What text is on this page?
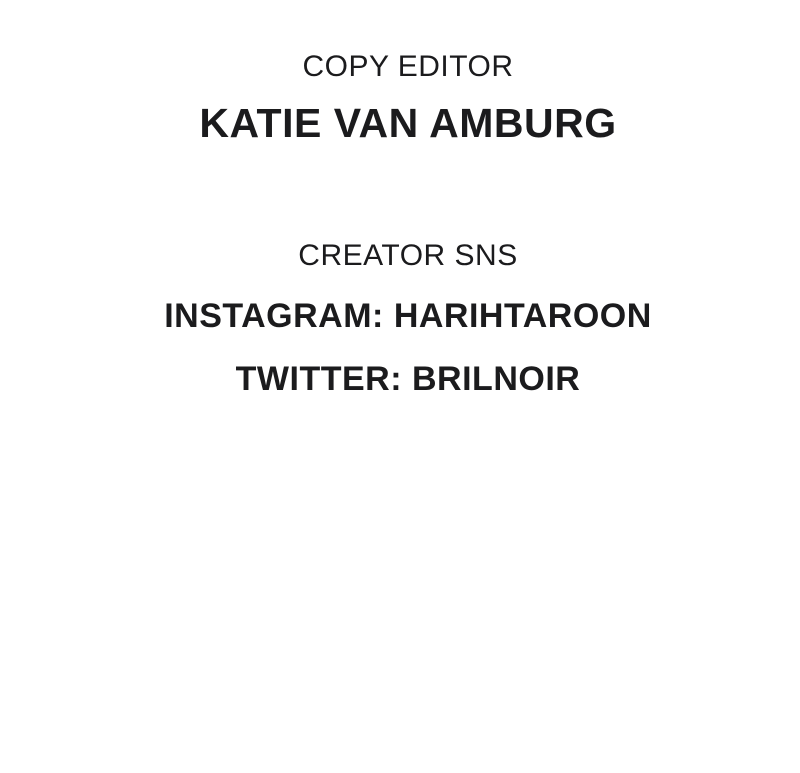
COPY EDITOR
KATIE VAN AMBURG
CREATOR SNS
INSTAGRAM: HARIHTAROON
TWITTER: BRILNOIR
